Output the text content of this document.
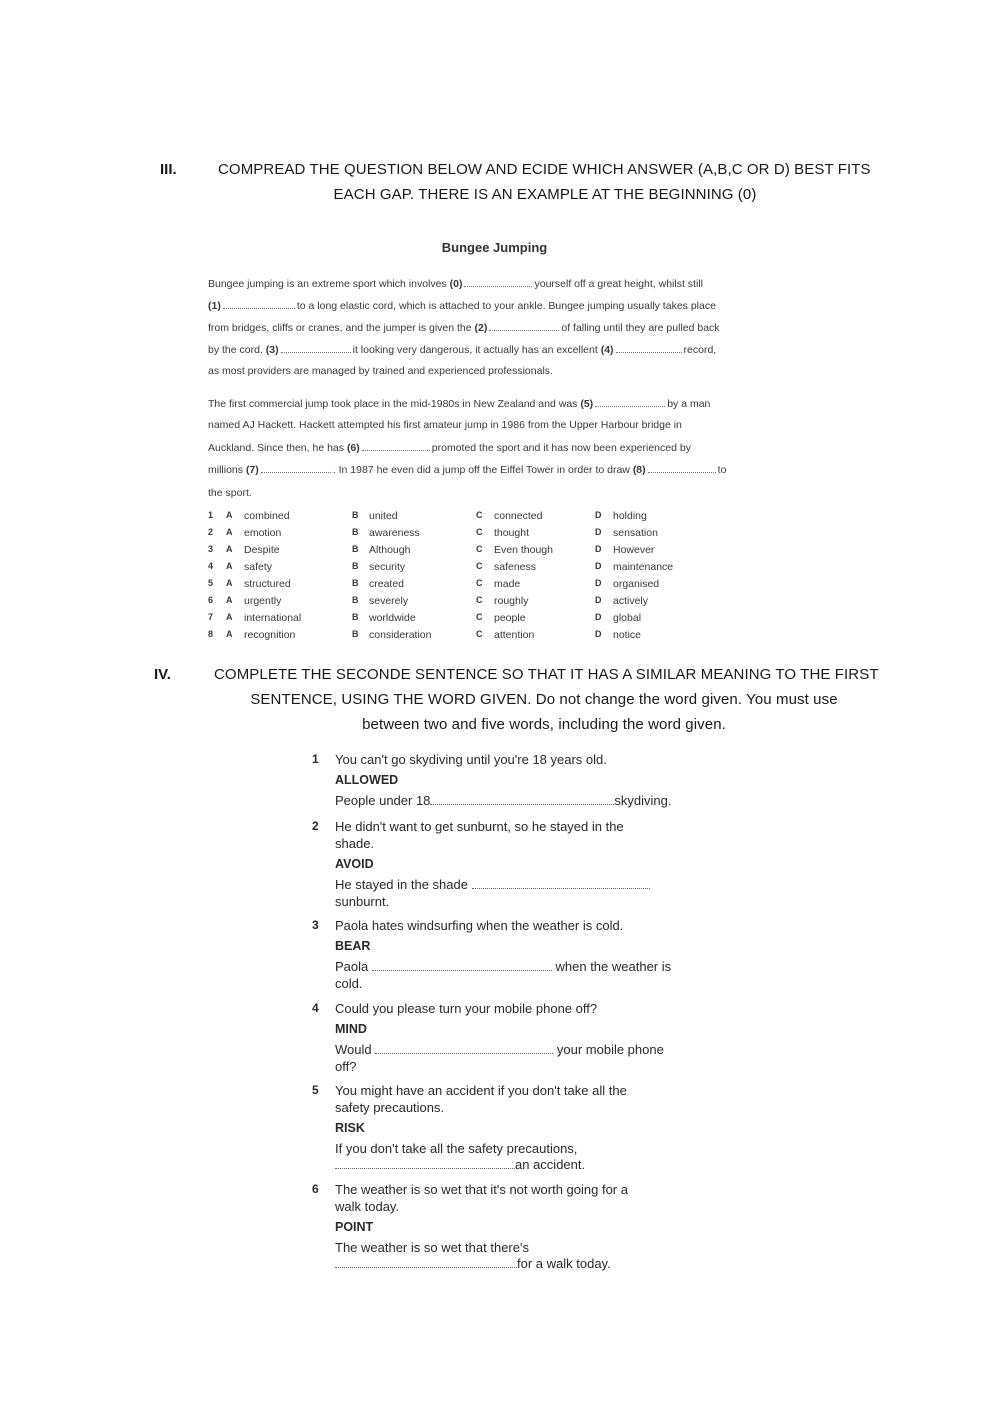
III.	COMPREAD THE QUESTION BELOW AND ECIDE WHICH ANSWER (A,B,C OR D) BEST FITS
EACH GAP. THERE IS AN EXAMPLE AT THE BEGINNING (0)
Bungee Jumping
Bungee jumping is an extreme sport which involves (0)	yourself off a great height, whilst still
(1)	to a long elastic cord, which is attached to your ankle. Bungee jumping usually takes place
from bridges, cliffs or cranes, and the jumper is given the (2)	of falling until they are pulled back
by the cord. (3)	it looking very dangerous, it actually has an excellent (4)	record,
as most providers are managed by trained and experienced professionals.
The first commercial jump took place in the mid-1980s in New Zealand and was (5)	by a man
named AJ Hackett. Hackett attempted his first amateur jump in 1986 from the Upper Harbour bridge in
Auckland. Since then, he has (6)	promoted the sport and it has now been experienced by
millions (7)	. In 1987 he even did a jump off the Eiffel Tower in order to draw (8)	to
the sport.
1 A combined	B united	C connected	D holding
2 A emotion	B awareness	C thought	D sensation
3 A Despite	B Although	C Even though	D However
4 A safety	B security	C safeness	D maintenance
5 A structured	B created	C made	D organised
6 A urgently	B severely	C roughly	D actively
7 A international	B worldwide	C people	D global
8 A recognition	B consideration	C attention	D notice
IV.	COMPLETE THE SECONDE SENTENCE SO THAT IT HAS A SIMILAR MEANING TO THE FIRST
SENTENCE, USING THE WORD GIVEN. Do not change the word given. You must use
between two and five words, including the word given.
1 You can't go skydiving until you're 18 years old.
ALLOWED
People under 18	skydiving.
2 He didn't want to get sunburnt, so he stayed in the
shade.
AVOID
He stayed in the shade
sunburnt.
3 Paola hates windsurfing when the weather is cold.
BEAR
Paola	when the weather is
cold.
4 Could you please turn your mobile phone off?
MIND
Would	your mobile phone
off?
5 You might have an accident if you don't take all the
safety precautions.
RISK
If you don't take all the safety precautions,
an accident.
6 The weather is so wet that it's not worth going for a
walk today.
POINT
The weather is so wet that there's
for a walk today.
